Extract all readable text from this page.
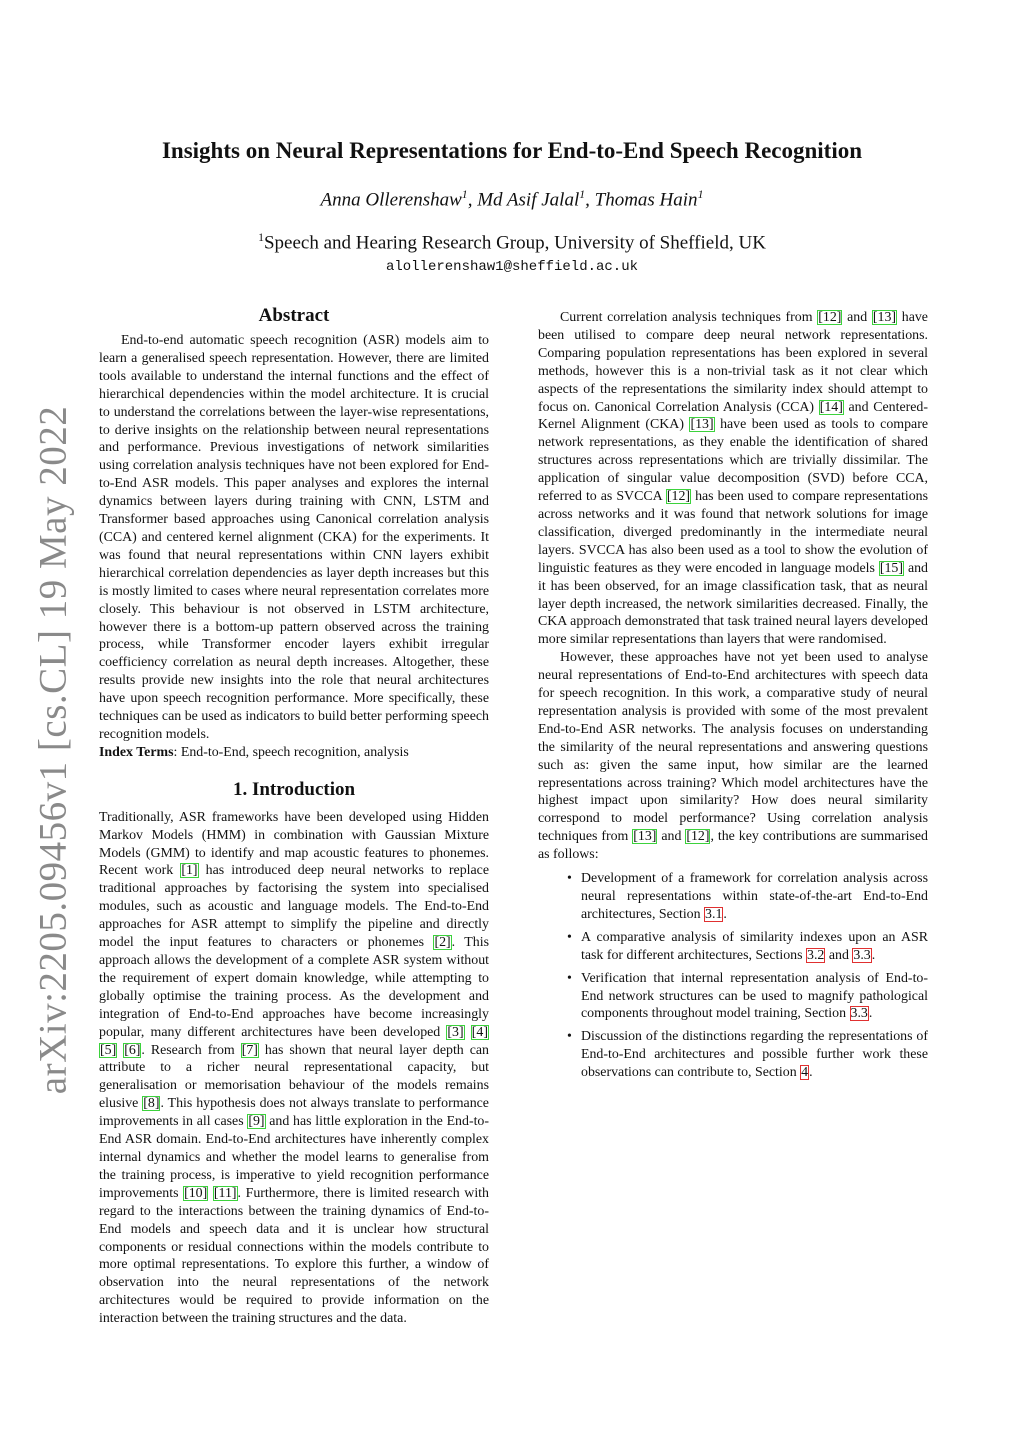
arXiv:2205.09456v1 [cs.CL] 19 May 2022
Insights on Neural Representations for End-to-End Speech Recognition
Anna Ollerenshaw$^1$, Md Asif Jalal$^1$, Thomas Hain$^1$
$^1$Speech and Hearing Research Group, University of Sheffield, UK
alollerenshaw1@sheffield.ac.uk
Abstract

End-to-end automatic speech recognition (ASR) models aim to learn a generalised speech representation. However, there are limited tools available to understand the internal functions and the effect of hierarchical dependencies within the model architecture. It is crucial to understand the correlations between the layer-wise representations, to derive insights on the relationship between neural representations and performance. Previous investigations of network similarities using correlation analysis techniques have not been explored for End-to-End ASR models. This paper analyses and explores the internal dynamics between layers during training with CNN, LSTM and Transformer based approaches using Canonical correlation analysis (CCA) and centered kernel alignment (CKA) for the experiments. It was found that neural representations within CNN layers exhibit hierarchical correlation dependencies as layer depth increases but this is mostly limited to cases where neural representation correlates more closely. This behaviour is not observed in LSTM architecture, however there is a bottom-up pattern observed across the training process, while Transformer encoder layers exhibit irregular coefficiency correlation as neural depth increases. Altogether, these results provide new insights into the role that neural architectures have upon speech recognition performance. More specifically, these techniques can be used as indicators to build better performing speech recognition models.

Index Terms: End-to-End, speech recognition, analysis

1. Introduction

Traditionally, ASR frameworks have been developed using Hidden Markov Models (HMM) in combination with Gaussian Mixture Models (GMM) to identify and map acoustic features to phonemes. Recent work [1] has introduced deep neural networks to replace traditional approaches by factorising the system into specialised modules, such as acoustic and language models. The End-to-End approaches for ASR attempt to simplify the pipeline and directly model the input features to characters or phonemes [2]. This approach allows the development of a complete ASR system without the requirement of expert domain knowledge, while attempting to globally optimise the training process. As the development and integration of End-to-End approaches have become increasingly popular, many different architectures have been developed [3] [4] [5] [6]. Research from [7] has shown that neural layer depth can attribute to a richer neural representational capacity, but generalisation or memorisation behaviour of the models remains elusive [8]. This hypothesis does not always translate to performance improvements in all cases [9] and has little exploration in the End-to-End ASR domain. End-to-End architectures have inherently complex internal dynamics and whether the model learns to generalise from the training process, is imperative to yield recognition performance improvements [10] [11]. Furthermore, there is limited research with regard to the interactions between the training dynamics of End-to-End models and speech data and it is unclear how structural components or residual connections within the models contribute to more optimal representations. To explore this further, a window of observation into the neural representations of the network architectures would be required to provide information on the interaction between the training structures and the data.

Current correlation analysis techniques from [12] and [13] have been utilised to compare deep neural network representations. Comparing population representations has been explored in several methods, however this is a non-trivial task as it not clear which aspects of the representations the similarity index should attempt to focus on. Canonical Correlation Analysis (CCA) [14] and Centered-Kernel Alignment (CKA) [13] have been used as tools to compare network representations, as they enable the identification of shared structures across representations which are trivially dissimilar. The application of singular value decomposition (SVD) before CCA, referred to as SVCCA [12] has been used to compare representations across networks and it was found that network solutions for image classification, diverged predominantly in the intermediate neural layers. SVCCA has also been used as a tool to show the evolution of linguistic features as they were encoded in language models [15] and it has been observed, for an image classification task, that as neural layer depth increased, the network similarities decreased. Finally, the CKA approach demonstrated that task trained neural layers developed more similar representations than layers that were randomised.

However, these approaches have not yet been used to analyse neural representations of End-to-End architectures with speech data for speech recognition. In this work, a comparative study of neural representation analysis is provided with some of the most prevalent End-to-End ASR networks. The analysis focuses on understanding the similarity of the neural representations and answering questions such as: given the same input, how similar are the learned representations across training? Which model architectures have the highest impact upon similarity? How does neural similarity correspond to model performance? Using correlation analysis techniques from [13] and [12], the key contributions are summarised as follows:

• Development of a framework for correlation analysis across neural representations within state-of-the-art End-to-End architectures, Section 3.1.
• A comparative analysis of similarity indexes upon an ASR task for different architectures, Sections 3.2 and 3.3.
• Verification that internal representation analysis of End-to-End network structures can be used to magnify pathological components throughout model training, Section 3.3.
• Discussion of the distinctions regarding the representations of End-to-End architectures and possible further work these observations can contribute to, Section 4.
